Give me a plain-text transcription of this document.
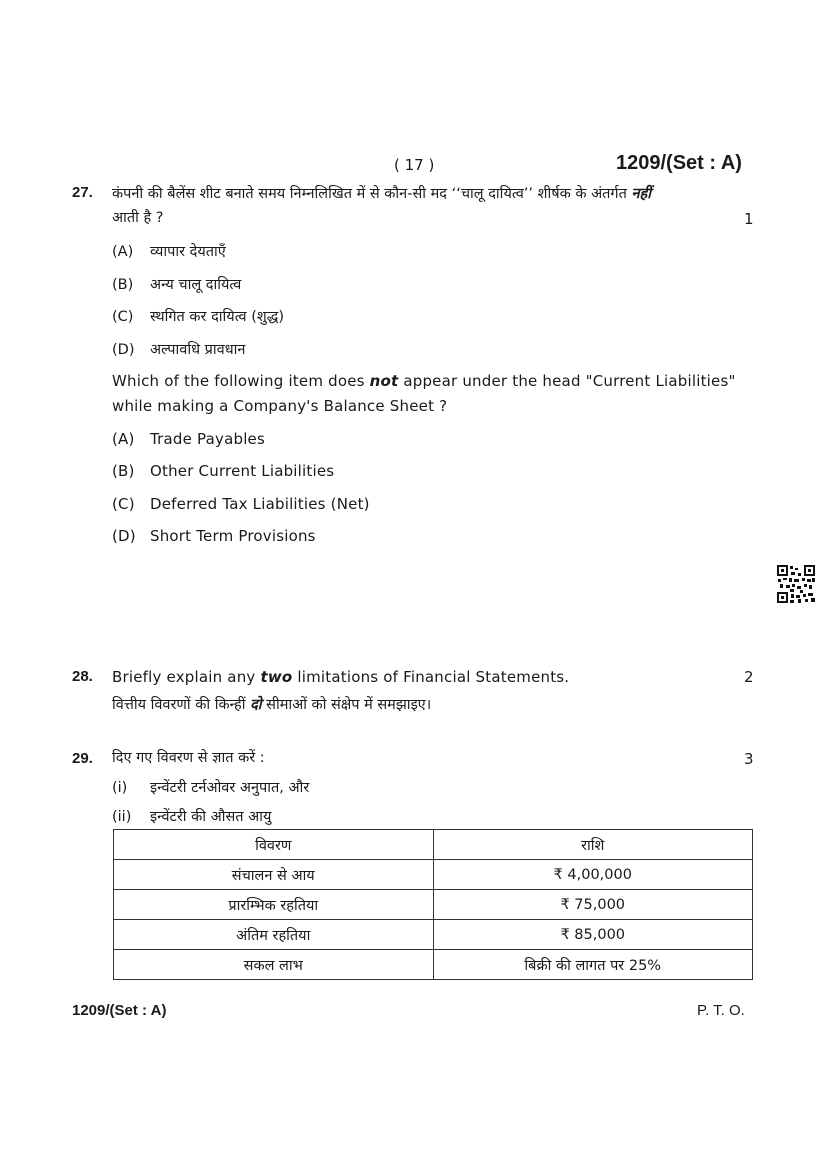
( 17 )	1209/(Set : A)
27. कंपनी की बैलेंस शीट बनाते समय निम्नलिखित में से कौन-सी मद ‘‘चालू दायित्व’’ शीर्षक के अंतर्गत नहीं
आती है ?	1
(A) व्यापार देयताएँ
(B) अन्य चालू दायित्व
(C) स्थगित कर दायित्व (शुद्ध)
(D) अल्पावधि प्रावधान
Which of the following item does not appear under the head "Current Liabilities"
while making a Company's Balance Sheet ?
(A) Trade Payables
(B) Other Current Liabilities
(C) Deferred Tax Liabilities (Net)
(D) Short Term Provisions
28. Briefly explain any two limitations of Financial Statements.	2
वित्तीय विवरणों की किन्हीं दो सीमाओं को संक्षेप में समझाइए।
29. दिए गए विवरण से ज्ञात करें :	3
(i) इन्वेंटरी टर्नओवर अनुपात, और
(ii) इन्वेंटरी की औसत आयु
विवरण	राशि
संचालन से आय	₹ 4,00,000
प्रारम्भिक रहतिया	₹ 75,000
अंतिम रहतिया	₹ 85,000
सकल लाभ	बिक्री की लागत पर 25%
1209/(Set : A)	P. T. O.
